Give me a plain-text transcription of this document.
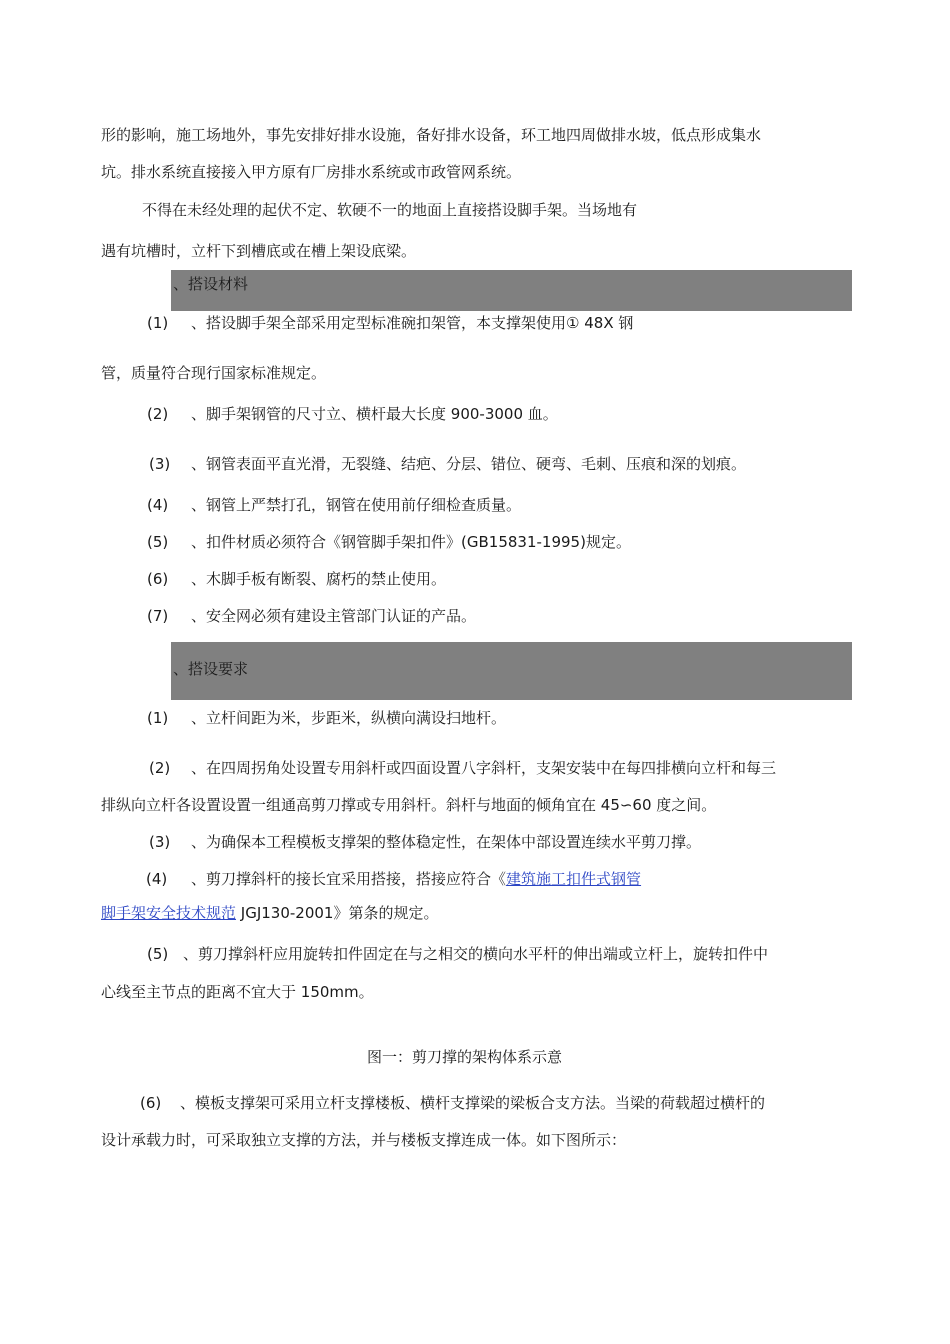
形的影响，施工场地外，事先安排好排水设施，备好排水设备，环工地四周做排水坡，低点形成集水
坑。排水系统直接接入甲方原有厂房排水系统或市政管网系统。
不得在未经处理的起伏不定、软硬不一的地面上直接搭设脚手架。当场地有
遇有坑槽时，立杆下到槽底或在槽上架设底梁。
、搭设材料
(1) 、搭设脚手架全部采用定型标准碗扣架管，本支撑架使用① 48X 钢
管，质量符合现行国家标准规定。
(2) 、脚手架钢管的尺寸立、横杆最大长度 900-3000 血。
(3) 、钢管表面平直光滑，无裂缝、结疤、分层、错位、硬弯、毛刺、压痕和深的划痕。
(4) 、钢管上严禁打孔，钢管在使用前仔细检查质量。
(5) 、扣件材质必须符合《钢管脚手架扣件》(GB15831-1995)规定。
(6) 、木脚手板有断裂、腐朽的禁止使用。
(7) 、安全网必须有建设主管部门认证的产品。
、搭设要求
(1) 、立杆间距为米，步距米，纵横向满设扫地杆。
(2) 、在四周拐角处设置专用斜杆或四面设置八字斜杆，支架安装中在每四排横向立杆和每三
排纵向立杆各设置设置一组通高剪刀撑或专用斜杆。斜杆与地面的倾角宜在 45∽60 度之间。
(3) 、为确保本工程模板支撑架的整体稳定性，在架体中部设置连续水平剪刀撑。
(4) 、剪刀撑斜杆的接长宜采用搭接，搭接应符合《建筑施工扣件式钢管
脚手架安全技术规范 JGJ130-2001》第条的规定。
(5) 、剪刀撑斜杆应用旋转扣件固定在与之相交的横向水平杆的伸出端或立杆上，旋转扣件中
心线至主节点的距离不宜大于 150mm。
图一：剪刀撑的架构体系示意
(6) 、模板支撑架可采用立杆支撑楼板、横杆支撑梁的梁板合支方法。当梁的荷载超过横杆的
设计承载力时，可采取独立支撑的方法，并与楼板支撑连成一体。如下图所示：
